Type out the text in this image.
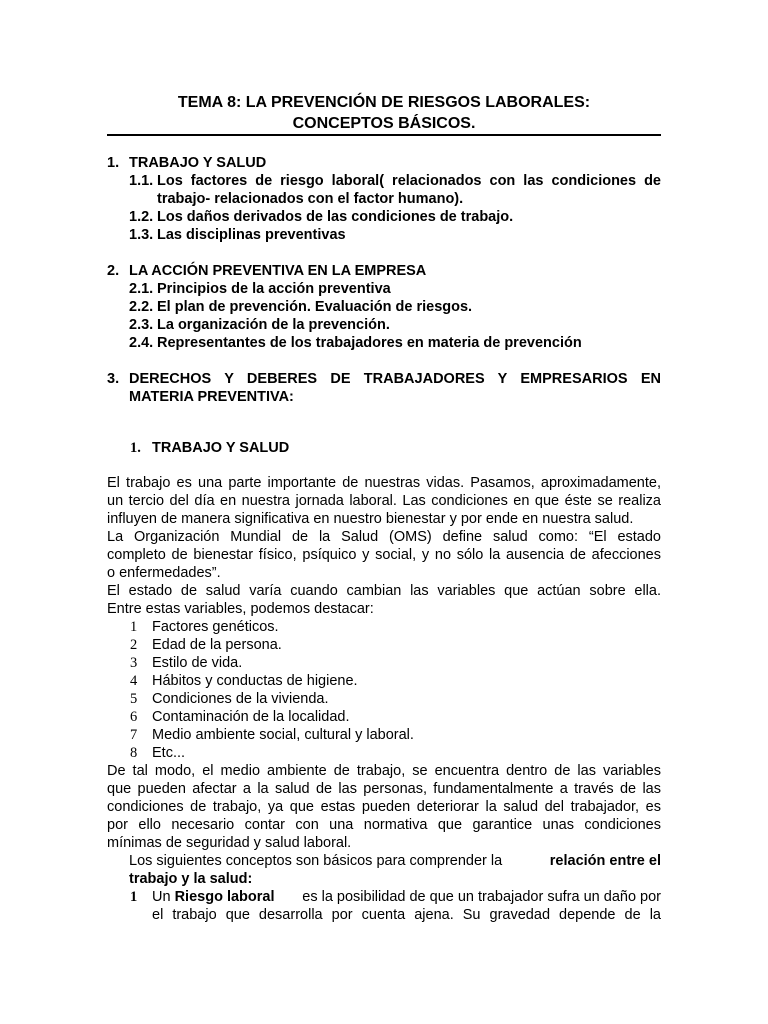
TEMA 8: LA PREVENCIÓN DE RIESGOS LABORALES:
CONCEPTOS BÁSICOS.
1. TRABAJO Y SALUD
1.1. Los factores de riesgo laboral( relacionados con las condiciones de
trabajo- relacionados con el factor humano).
1.2. Los daños derivados de las condiciones de trabajo.
1.3. Las disciplinas preventivas
2. LA ACCIÓN PREVENTIVA EN LA EMPRESA
2.1. Principios de la acción preventiva
2.2. El plan de prevención. Evaluación de riesgos.
2.3. La organización de la prevención.
2.4. Representantes de los trabajadores en materia de prevención
3. DERECHOS Y DEBERES DE TRABAJADORES Y EMPRESARIOS EN
MATERIA PREVENTIVA:
1. TRABAJO Y SALUD
El trabajo es una parte importante de nuestras vidas. Pasamos, aproximadamente,
un tercio del día en nuestra jornada laboral. Las condiciones en que éste se realiza
influyen de manera significativa en nuestro bienestar y por ende en nuestra salud.
La Organización Mundial de la Salud (OMS) define salud como: “El estado
completo de bienestar físico, psíquico y social, y no sólo la ausencia de afecciones
o enfermedades”.
El estado de salud varía cuando cambian las variables que actúan sobre ella.
Entre estas variables, podemos destacar:
1 Factores genéticos.
2 Edad de la persona.
3 Estilo de vida.
4 Hábitos y conductas de higiene.
5 Condiciones de la vivienda.
6 Contaminación de la localidad.
7 Medio ambiente social, cultural y laboral.
8 Etc...
De tal modo, el medio ambiente de trabajo, se encuentra dentro de las variables
que pueden afectar a la salud de las personas, fundamentalmente a través de las
condiciones de trabajo, ya que estas pueden deteriorar la salud del trabajador, es
por ello necesario contar con una normativa que garantice unas condiciones
mínimas de seguridad y salud laboral.
Los siguientes conceptos son básicos para comprender la	relación entre el
trabajo y la salud:
1 Un
Riesgo laboral	es la posibilidad de que un trabajador sufra un daño por
el trabajo que desarrolla por cuenta ajena. Su gravedad depende de la
